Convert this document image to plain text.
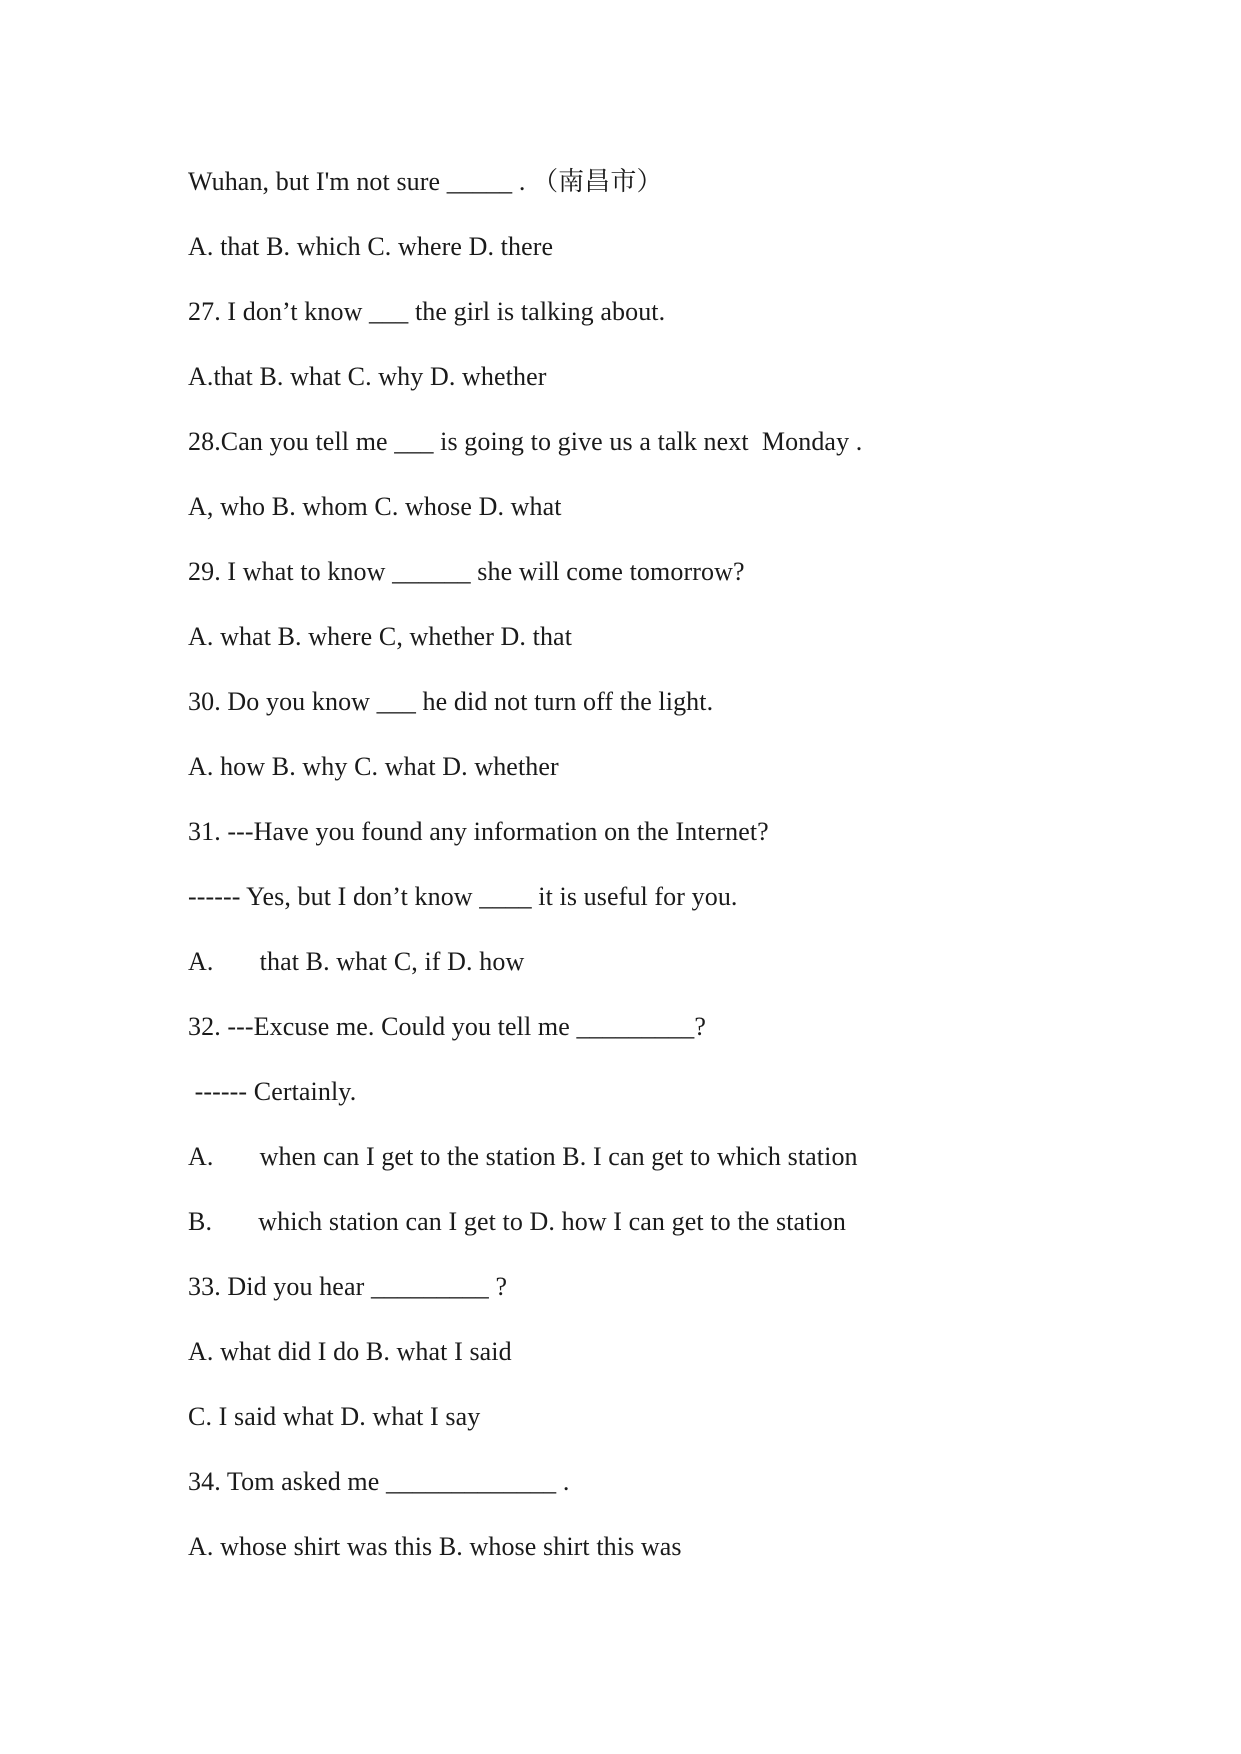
Wuhan, but I'm not sure _____ . （南昌市）
A. that B. which C. where D. there
27. I don’t know ___ the girl is talking about.
A.that B. what C. why D. whether
28.Can you tell me ___ is going to give us a talk next  Monday .
A, who B. whom C. whose D. what
29. I what to know ______ she will come tomorrow?
A. what B. where C, whether D. that
30. Do you know ___ he did not turn off the light.
A. how B. why C. what D. whether
31. ---Have you found any information on the Internet?
------ Yes, but I don’t know ____ it is useful for you.
A.       that B. what C, if D. how
32. ---Excuse me. Could you tell me _________?
------ Certainly.
A.       when can I get to the station B. I can get to which station
B.       which station can I get to D. how I can get to the station
33. Did you hear _________ ?
A. what did I do B. what I said
C. I said what D. what I say
34. Tom asked me _____________ .
A. whose shirt was this B. whose shirt this was
